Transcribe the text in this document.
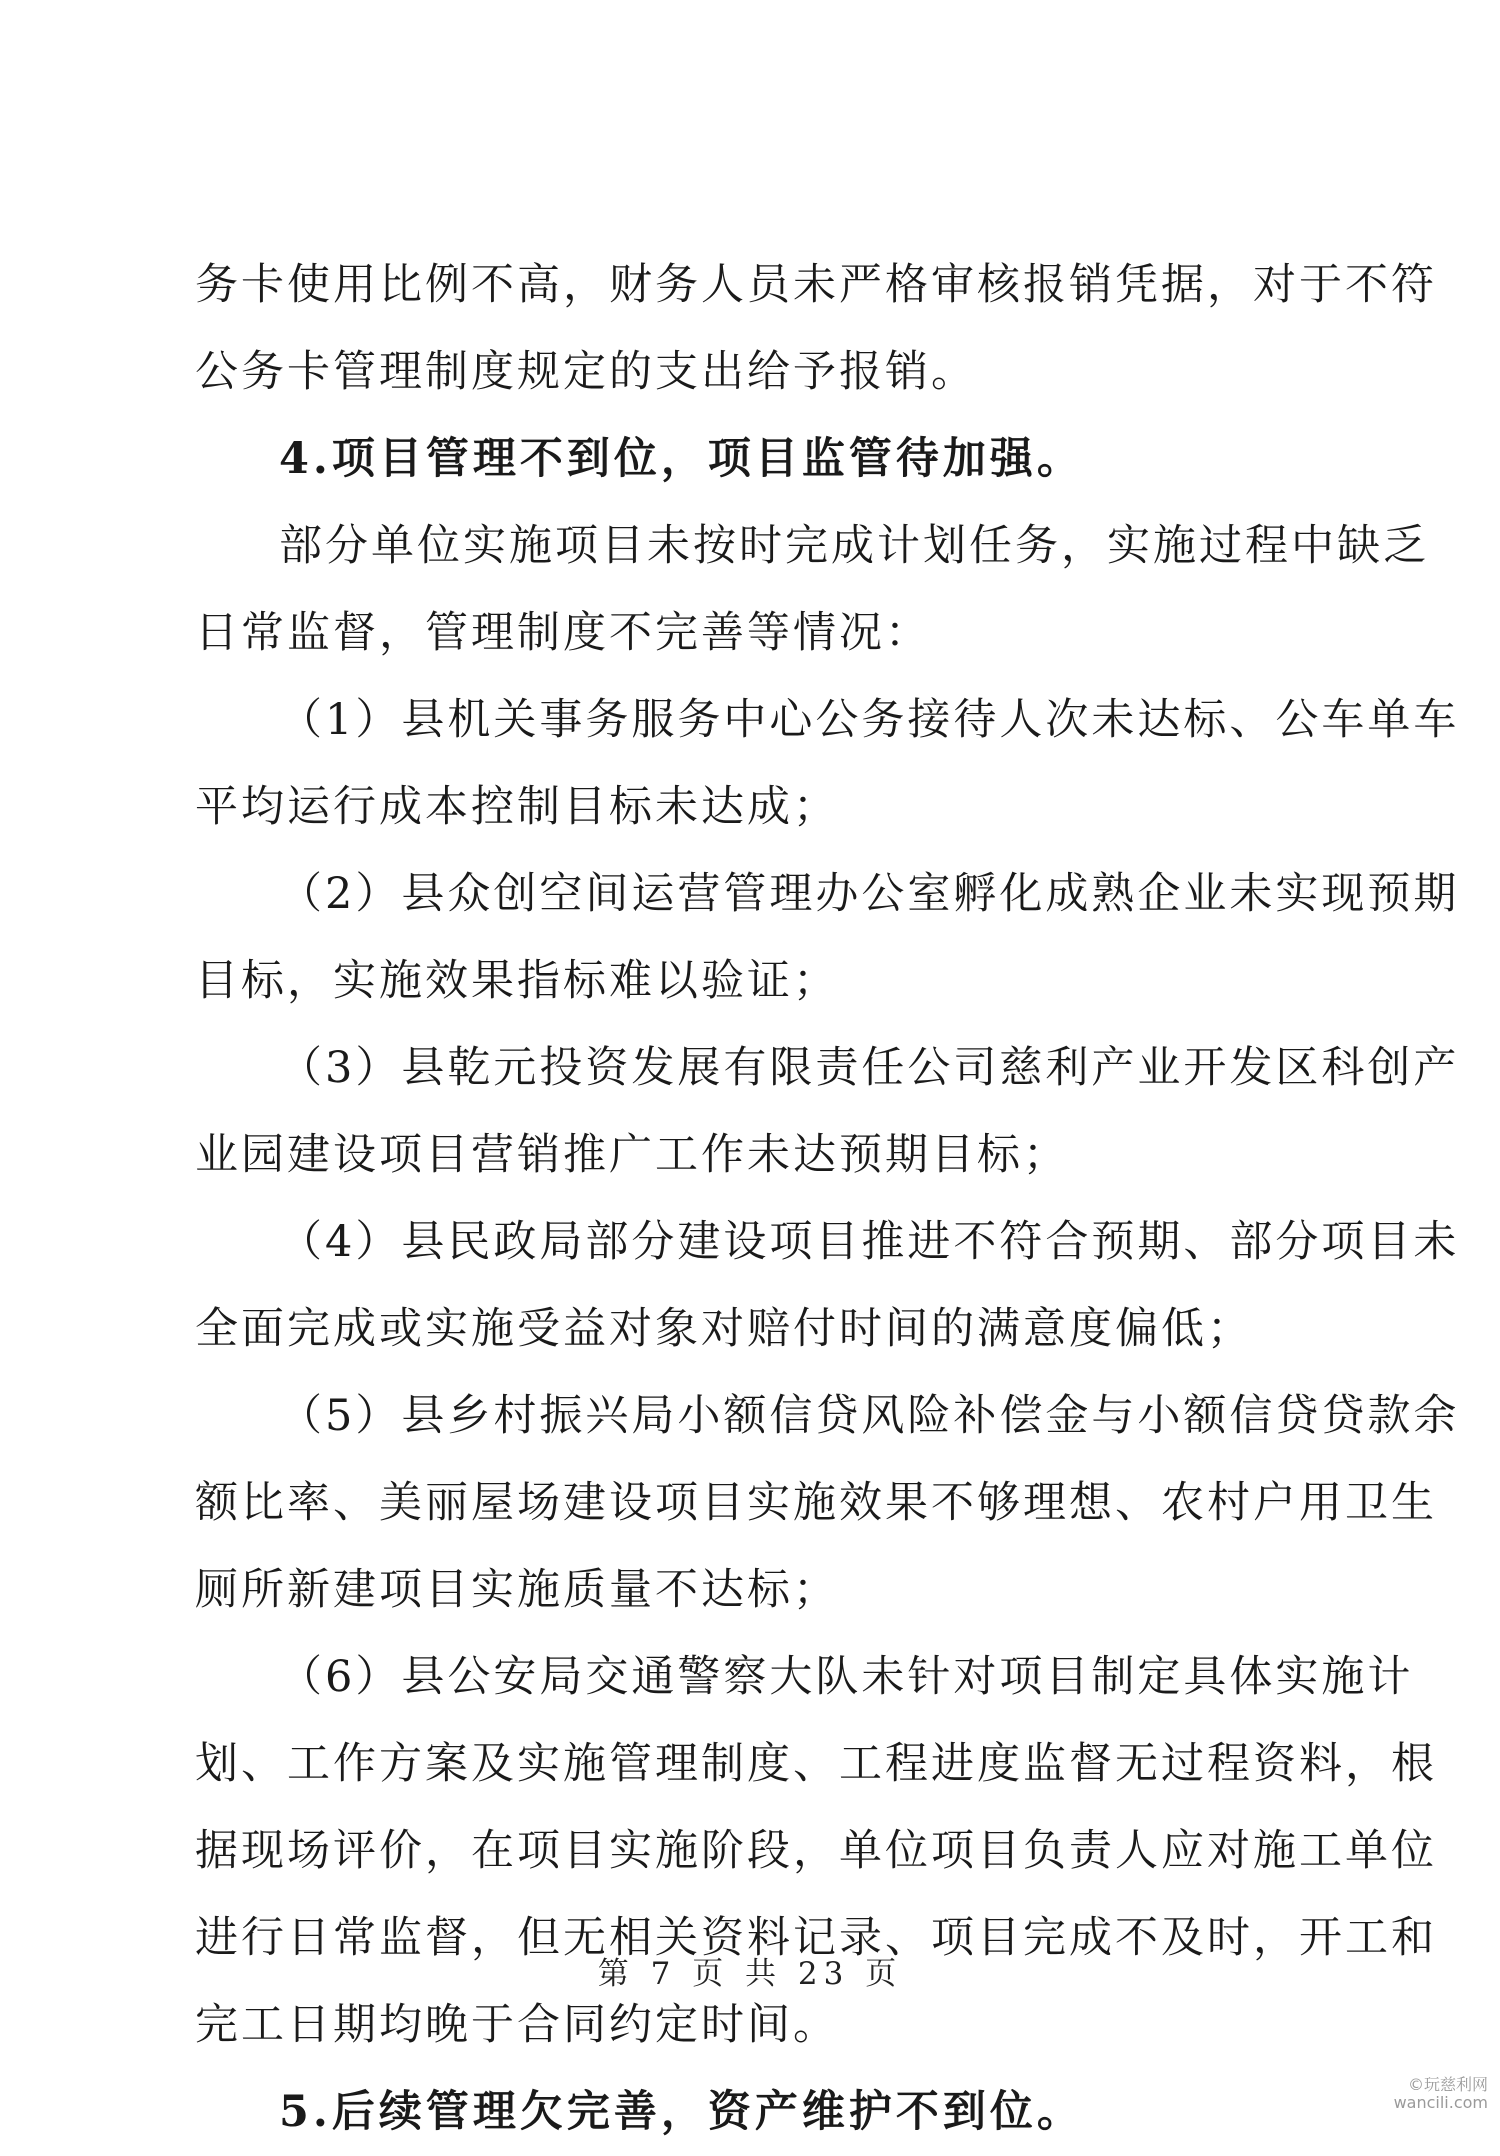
务卡使用比例不高，财务人员未严格审核报销凭据，对于不符
公务卡管理制度规定的支出给予报销。
4.项目管理不到位，项目监管待加强。
部分单位实施项目未按时完成计划任务，实施过程中缺乏
日常监督，管理制度不完善等情况：
（1）县机关事务服务中心公务接待人次未达标、公车单车
平均运行成本控制目标未达成；
（2）县众创空间运营管理办公室孵化成熟企业未实现预期
目标，实施效果指标难以验证；
（3）县乾元投资发展有限责任公司慈利产业开发区科创产
业园建设项目营销推广工作未达预期目标；
（4）县民政局部分建设项目推进不符合预期、部分项目未
全面完成或实施受益对象对赔付时间的满意度偏低；
（5）县乡村振兴局小额信贷风险补偿金与小额信贷贷款余
额比率、美丽屋场建设项目实施效果不够理想、农村户用卫生
厕所新建项目实施质量不达标；
（6）县公安局交通警察大队未针对项目制定具体实施计
划、工作方案及实施管理制度、工程进度监督无过程资料，根
据现场评价，在项目实施阶段，单位项目负责人应对施工单位
进行日常监督，但无相关资料记录、项目完成不及时，开工和
完工日期均晚于合同约定时间。
5.后续管理欠完善，资产维护不到位。
第 7 页 共 23 页
©玩慈利网
wancili.com
